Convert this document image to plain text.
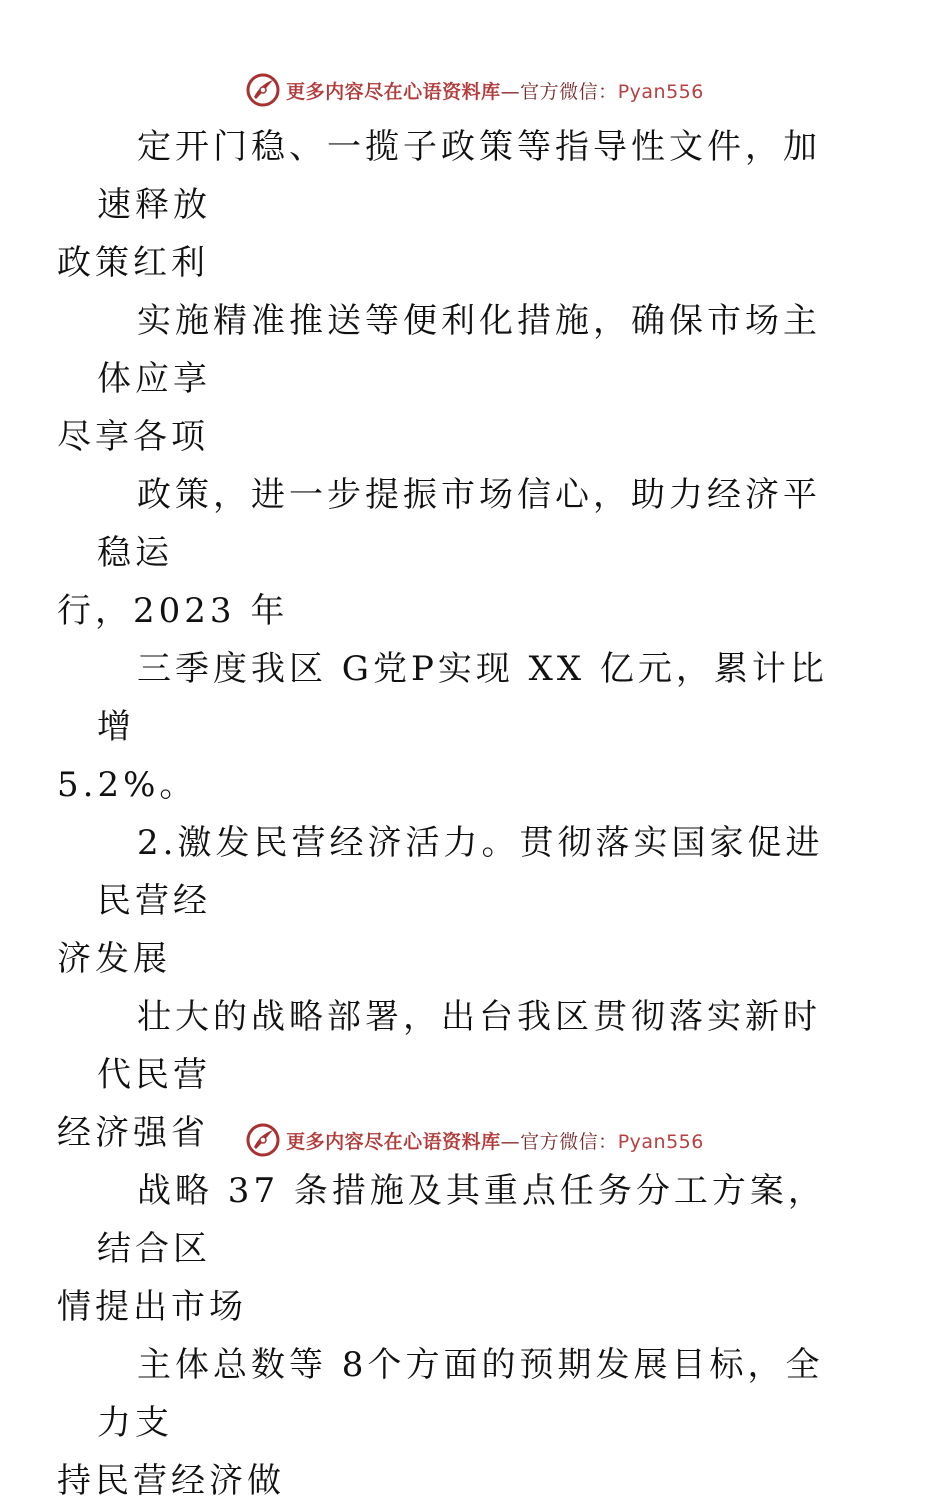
更多内容尽在心语资料库—官方微信：Pyan556

定开门稳、一揽子政策等指导性文件，加速释放
政策红利

实施精准推送等便利化措施，确保市场主体应享
尽享各项

政策，进一步提振市场信心，助力经济平稳运
行，2023 年

三季度我区 G党P实现 XX 亿元，累计比增
5.2%。

2.激发民营经济活力。贯彻落实国家促进民营经
济发展

壮大的战略部署，出台我区贯彻落实新时代民营
经济强省

战略 37 条措施及其重点任务分工方案，结合区
情提出市场

主体总数等 8个方面的预期发展目标，全力支
持民营经济做

更多内容尽在心语资料库—官方微信：Pyan556
